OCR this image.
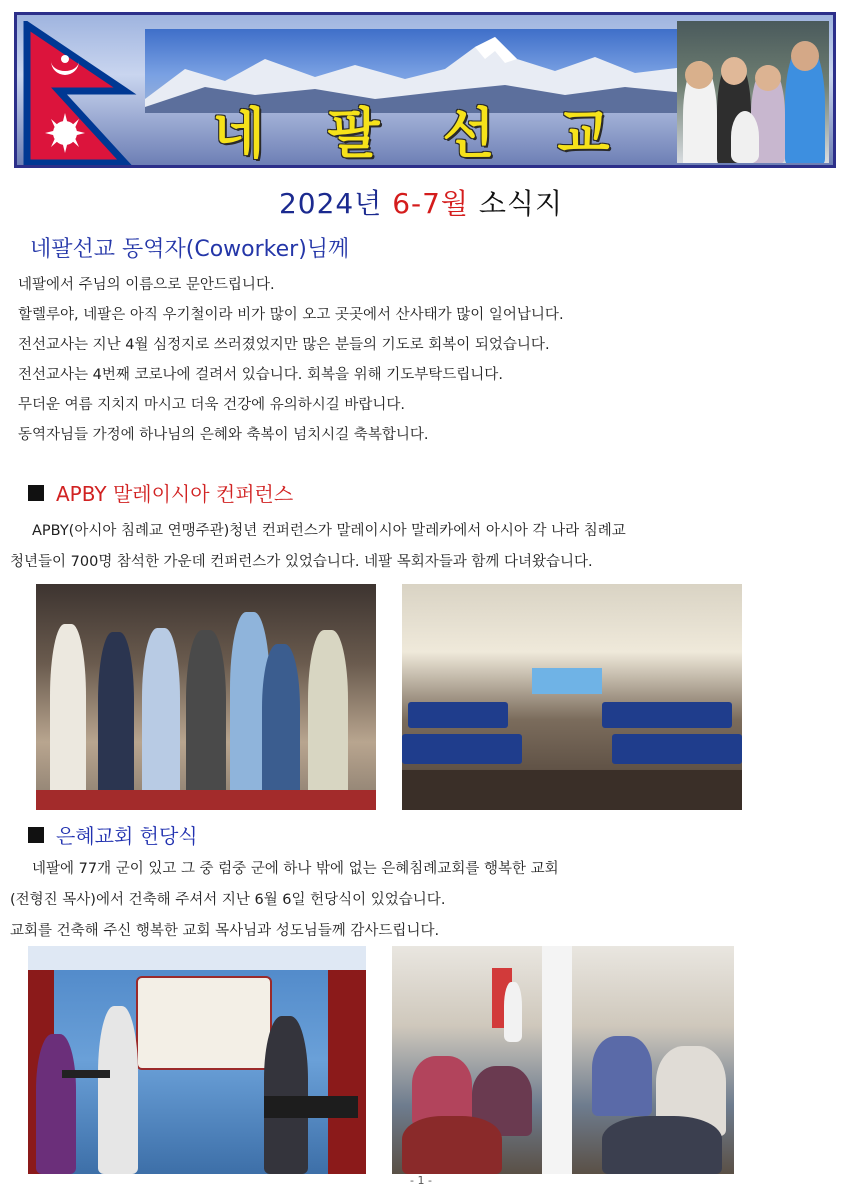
네 팔 선 교
2024년 6-7월 소식지
네팔선교 동역자(Coworker)님께

네팔에서 주님의 이름으로 문안드립니다.

할렐루야, 네팔은 아직 우기철이라 비가 많이 오고 곳곳에서 산사태가 많이 일어납니다.

전선교사는 지난 4월 심정지로 쓰러졌었지만 많은 분들의 기도로 회복이 되었습니다.

전선교사는 4번째 코로나에 걸려서 있습니다. 회복을 위해 기도부탁드립니다.

무더운 여름 지치지 마시고 더욱 건강에 유의하시길 바랍니다.

동역자님들 가정에 하나님의 은혜와 축복이 넘치시길 축복합니다.

APBY 말레이시아 컨퍼런스

APBY(아시아 침례교 연맹주관)청년 컨퍼런스가 말레이시아 말레카에서 아시아 각 나라 침례교

청년들이 700명 참석한 가운데 컨퍼런스가 있었습니다. 네팔 목회자들과 함께 다녀왔습니다.

은혜교회 헌당식

네팔에 77개 군이 있고 그 중 럼중 군에 하나 밖에 없는 은혜침례교회를 행복한 교회

(전형진 목사)에서 건축해 주셔서 지난 6월 6일 헌당식이 있었습니다.

교회를 건축해 주신 행복한 교회 목사님과 성도님들께 감사드립니다.

- 1 -
